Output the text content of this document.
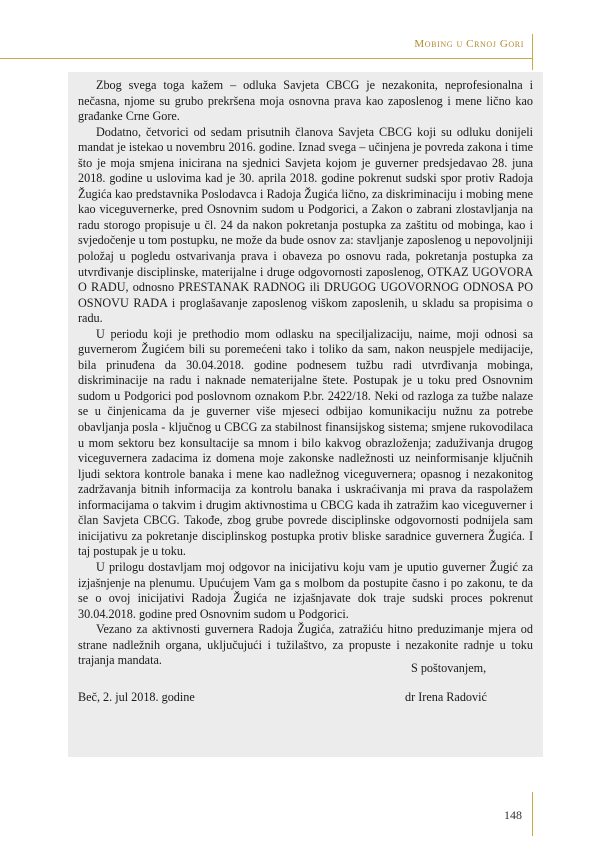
Mobing u Crnoj Gori

Zbog svega toga kažem – odluka Savjeta CBCG je nezakonita, neprofesionalna i nečasna, njome su grubo prekršena moja osnovna prava kao zaposlenog i mene lično kao građanke Crne Gore.

Dodatno, četvorici od sedam prisutnih članova Savjeta CBCG koji su odluku donijeli mandat je istekao u novembru 2016. godine. Iznad svega – učinjena je povreda zakona i time što je moja smjena inicirana na sjednici Savjeta kojom je guverner predsjedavao 28. juna 2018. godine u uslovima kad je 30. aprila 2018. godine pokrenut sudski spor protiv Radoja Žugića kao predstavnika Poslodavca i Radoja Žugića lično, za diskriminaciju i mobing mene kao viceguvernerke, pred Osnovnim sudom u Podgorici, a Zakon o zabrani zlostavljanja na radu storogo propisuje u čl. 24 da nakon pokretanja postupka za zaštitu od mobinga, kao i svjedočenje u tom postupku, ne može da bude osnov za: stavljanje zaposlenog u nepovoljniji položaj u pogledu ostvarivanja prava i obaveza po osnovu rada, pokretanja postupka za utvrđivanje disciplinske, materijalne i druge odgovornosti zaposlenog, OTKAZ UGOVORA O RADU, odnosno PRESTANAK RADNOG ili DRUGOG UGOVORNOG ODNOSA PO OSNOVU RADA i proglašavanje zaposlenog viškom zaposlenih, u skladu sa propisima o radu.

U periodu koji je prethodio mom odlasku na speciljalizaciju, naime, moji odnosi sa guvernerom Žugićem bili su poremećeni tako i toliko da sam, nakon neuspjele medijacije, bila prinuđena da 30.04.2018. godine podnesem tužbu radi utvrđivanja mobinga, diskriminacije na radu i naknade nematerijalne štete. Postupak je u toku pred Osnovnim sudom u Podgorici pod poslovnom oznakom P.br. 2422/18. Neki od razloga za tužbe nalaze se u činjenicama da je guverner više mjeseci odbijao komunikaciju nužnu za potrebe obavljanja posla - ključnog u CBCG za stabilnost finansijskog sistema; smjene rukovodilaca u mom sektoru bez konsultacije sa mnom i bilo kakvog obrazloženja; zaduživanja drugog viceguvernera zadacima iz domena moje zakonske nadležnosti uz neinformisanje ključnih ljudi sektora kontrole banaka i mene kao nadležnog viceguvernera; opasnog i nezakonitog zadržavanja bitnih informacija za kontrolu banaka i uskraćivanja mi prava da raspolažem informacijama o takvim i drugim aktivnostima u CBCG kada ih zatražim kao viceguverner i član Savjeta CBCG. Takođe, zbog grube povrede disciplinske odgovornosti podnijela sam inicijativu za pokretanje disciplinskog postupka protiv bliske saradnice guvernera Žugića. I taj postupak je u toku.

U prilogu dostavljam moj odgovor na inicijativu koju vam je uputio guverner Žugić za izjašnjenje na plenumu. Upućujem Vam ga s molbom da postupite časno i po zakonu, te da se o ovoj inicijativi Radoja Žugića ne izjašnjavate dok traje sudski proces pokrenut 30.04.2018. godine pred Osnovnim sudom u Podgorici.

Vezano za aktivnosti guvernera Radoja Žugića, zatražiću hitno preduzimanje mjera od strane nadležnih organa, uključujući i tužilaštvo, za propuste i nezakonite radnje u toku trajanja mandata.

S poštovanjem,
Beč, 2. jul 2018. godine	dr Irena Radović
148
